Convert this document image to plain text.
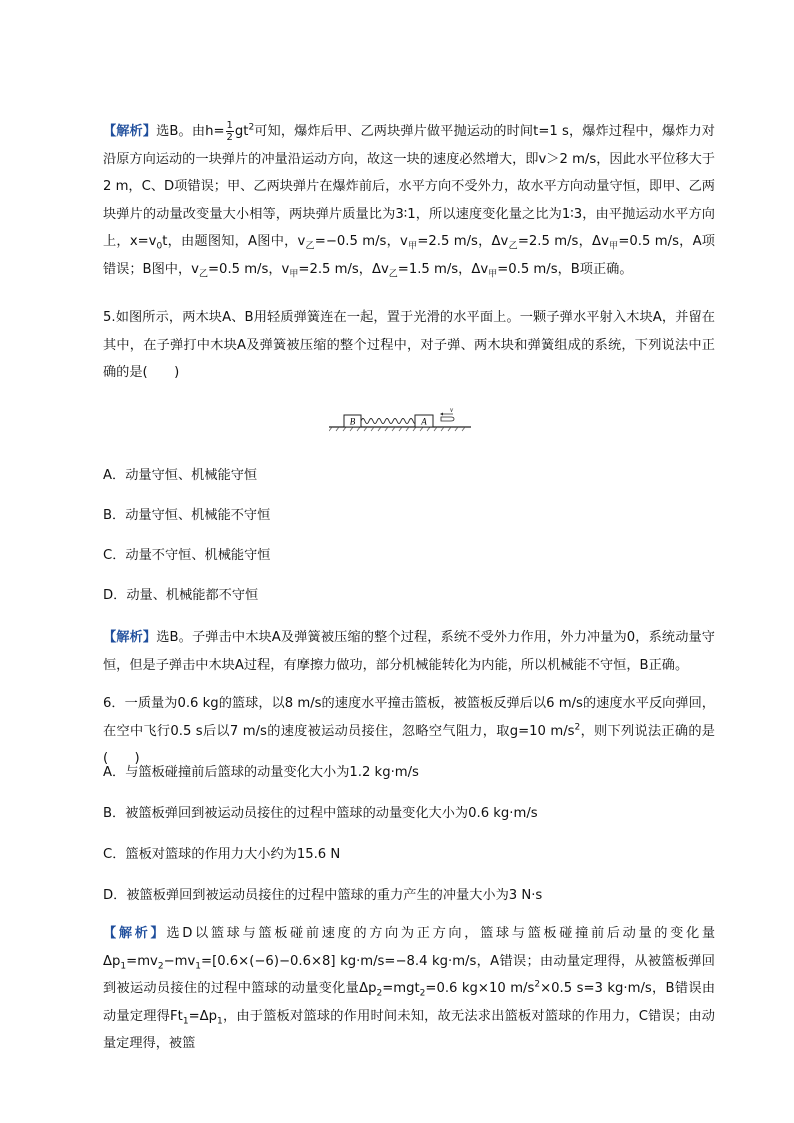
【解析】选B。由$h= \frac{1}{2} gt^2$可知，爆炸后甲、乙两块弹片做平抛运动的时间t=1 s，爆炸过程中，爆炸力对沿原方向运动的一块弹片的冲量沿运动方向，故这一块的速度必然增大，即v＞2 m/s，因此水平位移大于2 m，C、D项错误；甲、乙两块弹片在爆炸前后，水平方向不受外力，故水平方向动量守恒，即甲、乙两块弹片的动量改变量大小相等，两块弹片质量比为3∶1，所以速度变化量之比为1∶3，由平抛运动水平方向上，$x=v_0t$，由题图知，A图中，$v_乙=-0.5$ m/s，$v_甲=2.5$ m/s，$\Delta v_乙=2.5$ m/s，$\Delta v_甲=0.5$ m/s，A项错误；B图中，$v_乙=0.5$ m/s，$v_甲=2.5$ m/s，$\Delta v_乙=1.5$ m/s，$\Delta v_甲=0.5$ m/s，B项正确。
5.如图所示，两木块A、B用轻质弹簧连在一起，置于光滑的水平面上。一颗子弹水平射入木块A，并留在其中，在子弹打中木块A及弹簧被压缩的整个过程中，对子弹、两木块和弹簧组成的系统，下列说法中正确的是(　　)
B	A
v
A．动量守恒、机械能守恒
B．动量守恒、机械能不守恒
C．动量不守恒、机械能守恒
D．动量、机械能都不守恒
【解析】选B。子弹击中木块A及弹簧被压缩的整个过程，系统不受外力作用，外力冲量为0，系统动量守恒，但是子弹击中木块A过程，有摩擦力做功，部分机械能转化为内能，所以机械能不守恒，B正确。
6．一质量为0.6 kg的篮球，以8 m/s的速度水平撞击篮板，被篮板反弹后以6 m/s的速度水平反向弹回，在空中飞行0.5 s后以7 m/s的速度被运动员接住，忽略空气阻力，取g=10 $m/s^2$，则下列说法正确的是(　　)
A．与篮板碰撞前后篮球的动量变化大小为1.2 kg·m/s
B．被篮板弹回到被运动员接住的过程中篮球的动量变化大小为0.6 kg·m/s
C．篮板对篮球的作用力大小约为15.6 N
D．被篮板弹回到被运动员接住的过程中篮球的重力产生的冲量大小为3 N·s
【解析】选D以篮球与篮板碰前速度的方向为正方向，篮球与篮板碰撞前后动量的变化量$\Delta p_1=mv_2-mv_1=[0.6\times(-6)-0.6\times 8]$ kg·m/s=−8.4 kg·m/s，A错误；由动量定理得，从被篮板弹回到被运动员接住的过程中篮球的动量变化量$\Delta p_2=mgt_2=0.6$ kg×10 $m/s^2\times 0.5$ s=3 kg·m/s，B错误由动量定理得$Ft_1=\Delta p_1$，由于篮板对篮球的作用时间未知，故无法求出篮板对篮球的作用力，C错误；由动量定理得，被篮
